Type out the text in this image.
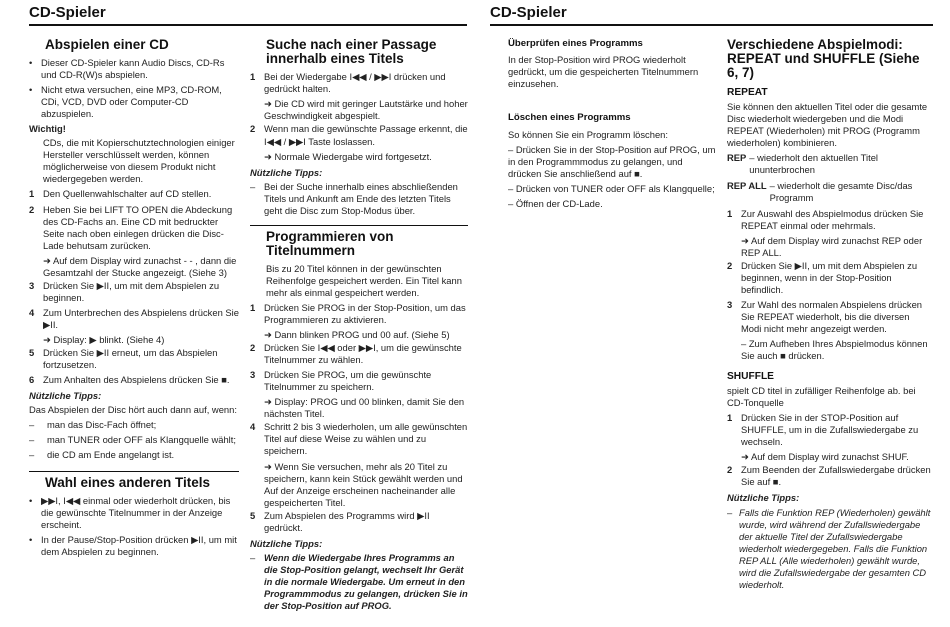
CD-Spieler
Abspielen einer CD
• Dieser CD-Spieler kann Audio Discs, CD-Rs und CD-R(W)s abspielen.
• Nicht etwa versuchen, eine MP3, CD-ROM, CDi, VCD, DVD oder Computer-CD abzuspielen.
Wichtig!

CDs, die mit Kopierschutztechnologien einiger Hersteller verschlüsselt werden, können möglicherweise von diesem Produkt nicht wiedergegeben werden.

1 Den Quellenwahlschalter auf CD stellen.
2 Heben Sie bei LIFT TO OPEN die Abdeckung des CD-Fachs an. Eine CD mit bedruckter Seite nach oben einlegen drücken die Disc-Lade behutsam zurücken.
➜ Auf dem Display wird zunachst - - , dann die Gesamtzahl der Stucke angezeigt. (Siehe 3)
3 Drücken Sie ▶II, um mit dem Abspielen zu beginnen.
4 Zum Unterbrechen des Abspielens drücken Sie ▶II.
➜ Display: ▶ blinkt. (Siehe 4)
5 Drücken Sie ▶II erneut, um das Abspielen fortzusetzen.
6 Zum Anhalten des Abspielens drücken Sie ■.
Nützliche Tipps:

Das Abspielen der Disc hört auch dann auf, wenn:

–	man das Disc-Fach öffnet;
–	man TUNER oder OFF als Klangquelle wählt;
–	die CD am Ende angelangt ist.
Wahl eines anderen Titels
• ▶▶I, I◀◀ einmal oder wiederholt drücken, bis die gewünschte Titelnummer in der Anzeige erscheint.
• In der Pause/Stop-Position drücken ▶II, um mit dem Abspielen zu beginnen.
Suche nach einer Passage innerhalb eines Titels
1 Bei der Wiedergabe I◀◀ / ▶▶I drücken und gedrückt halten.
➜ Die CD wird mit geringer Lautstärke und hoher Geschwindigkeit abgespielt.
2 Wenn man die gewünschte Passage erkennt, die I◀◀ / ▶▶I Taste loslassen.
➜ Normale Wiedergabe wird fortgesetzt.
Nützliche Tipps:
– Bei der Suche innerhalb eines abschließenden Titels und Ankunft am Ende des letzten Titels geht die Disc zum Stop-Modus über.
Programmieren von Titelnummern

Bis zu 20 Titel können in der gewünschten Reihenfolge gespeichert werden. Ein Titel kann mehr als einmal gespeichert werden.

1 Drücken Sie PROG in der Stop-Position, um das Programmieren zu aktivieren.
➜ Dann blinken PROG und 00 auf. (Siehe 5)
2 Drücken Sie I◀◀ oder ▶▶I, um die gewünschte Titelnummer zu wählen.
3 Drücken Sie PROG, um die gewünschte Titelnummer zu speichern.
➜ Display: PROG und 00 blinken, damit Sie den nächsten Titel.
4 Schritt 2 bis 3 wiederholen, um alle gewünschten Titel auf diese Weise zu wählen und zu speichern.
➜ Wenn Sie versuchen, mehr als 20 Titel zu speichern, kann kein Stück gewählt werden und Auf der Anzeige erscheinen nacheinander alle gespeicherten Titel.
5 Zum Abspielen des Programms wird ▶II gedrückt.
Nützliche Tipps:
– Wenn die Wiedergabe Ihres Programms an die Stop-Position gelangt, wechselt Ihr Gerät in die normale Wiedergabe. Um erneut in den Programmmodus zu gelangen, drücken Sie in der Stop-Position auf PROG.
CD-Spieler
Überprüfen eines Programms

In der Stop-Position wird PROG wiederholt gedrückt, um die gespeicherten Titelnummern einzusehen.

Löschen eines Programms

So können Sie ein Programm löschen:

– Drücken Sie in der Stop-Position auf PROG, um in den Programmmodus zu gelangen, und drücken Sie anschließend auf ■.

– Drücken von TUNER oder OFF als Klangquelle;

– Öffnen der CD-Lade.

Verschiedene Abspielmodi: REPEAT und SHUFFLE (Siehe 6, 7)
REPEAT

Sie können den aktuellen Titel oder die gesamte Disc wiederholt wiedergeben und die Modi REPEAT (Wiederholen) mit PROG (Programm wiederholen) kombinieren.

REP – wiederholt den aktuellen Titel ununterbrochen
REP ALL – wiederholt die gesamte Disc/das Programm
1 Zur Auswahl des Abspielmodus drücken Sie REPEAT einmal oder mehrmals.
➜ Auf dem Display wird zunachst REP oder REP ALL.
2 Drücken Sie ▶II, um mit dem Abspielen zu beginnen, wenn in der Stop-Position befindlich.
3 Zur Wahl des normalen Abspielens drücken Sie REPEAT wiederholt, bis die diversen Modi nicht mehr angezeigt werden.
– Zum Aufheben Ihres Abspielmodus können Sie auch ■ drücken.
SHUFFLE

spielt CD titel in zufälliger Reihenfolge ab. bei CD-Tonquelle

1 Drücken Sie in der STOP-Position auf SHUFFLE, um in die Zufallswiedergabe zu wechseln.
➜ Auf dem Display wird zunachst SHUF.
2 Zum Beenden der Zufallswiedergabe drücken Sie auf ■.
Nützliche Tipps:
– Falls die Funktion REP (Wiederholen) gewählt wurde, wird während der Zufallswiedergabe der aktuelle Titel der Zufallswiedergabe wiederholt wiedergegeben. Falls die Funktion REP ALL (Alle wiederholen) gewählt wurde, wird die Zufallswiedergabe der gesamten CD wiederholt.
